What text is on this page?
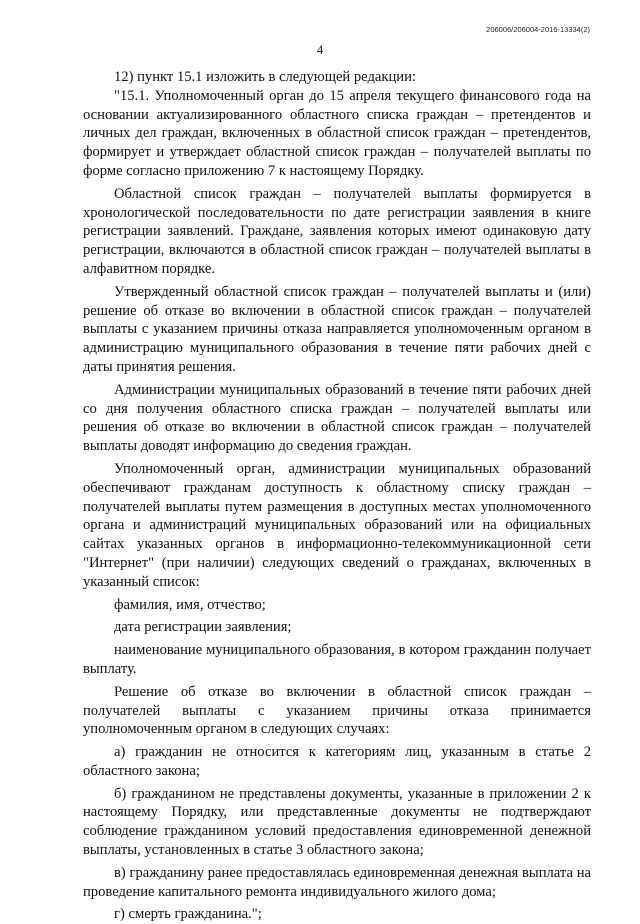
206006/206004-2016-13334(2)
4

12) пункт 15.1 изложить в следующей редакции:

"15.1. Уполномоченный орган до 15 апреля текущего финансового года на основании актуализированного областного списка граждан – претендентов и личных дел граждан, включенных в областной список граждан – претендентов, формирует и утверждает областной список граждан – получателей выплаты по форме согласно приложению 7 к настоящему Порядку.

Областной список граждан – получателей выплаты формируется в хронологической последовательности по дате регистрации заявления в книге регистрации заявлений. Граждане, заявления которых имеют одинаковую дату регистрации, включаются в областной список граждан – получателей выплаты в алфавитном порядке.

Утвержденный областной список граждан – получателей выплаты и (или) решение об отказе во включении в областной список граждан – получателей выплаты с указанием причины отказа направляется уполномоченным органом в администрацию муниципального образования в течение пяти рабочих дней с даты принятия решения.

Администрации муниципальных образований в течение пяти рабочих дней со дня получения областного списка граждан – получателей выплаты или решения об отказе во включении в областной список граждан – получателей выплаты доводят информацию до сведения граждан.

Уполномоченный орган, администрации муниципальных образований обеспечивают гражданам доступность к областному списку граждан – получателей выплаты путем размещения в доступных местах уполномоченного органа и администраций муниципальных образований или на официальных сайтах указанных органов в информационно-телекоммуникационной сети "Интернет" (при наличии) следующих сведений о гражданах, включенных в указанный список:

фамилия, имя, отчество;

дата регистрации заявления;

наименование муниципального образования, в котором гражданин получает выплату.

Решение об отказе во включении в областной список граждан – получателей выплаты с указанием причины отказа принимается уполномоченным органом в следующих случаях:

а) гражданин не относится к категориям лиц, указанным в статье 2 областного закона;

б) гражданином не представлены документы, указанные в приложении 2 к настоящему Порядку, или представленные документы не подтверждают соблюдение гражданином условий предоставления единовременной денежной выплаты, установленных в статье 3 областного закона;

в) гражданину ранее предоставлялась единовременная денежная выплата на проведение капитального ремонта индивидуального жилого дома;

г) смерть гражданина.";
